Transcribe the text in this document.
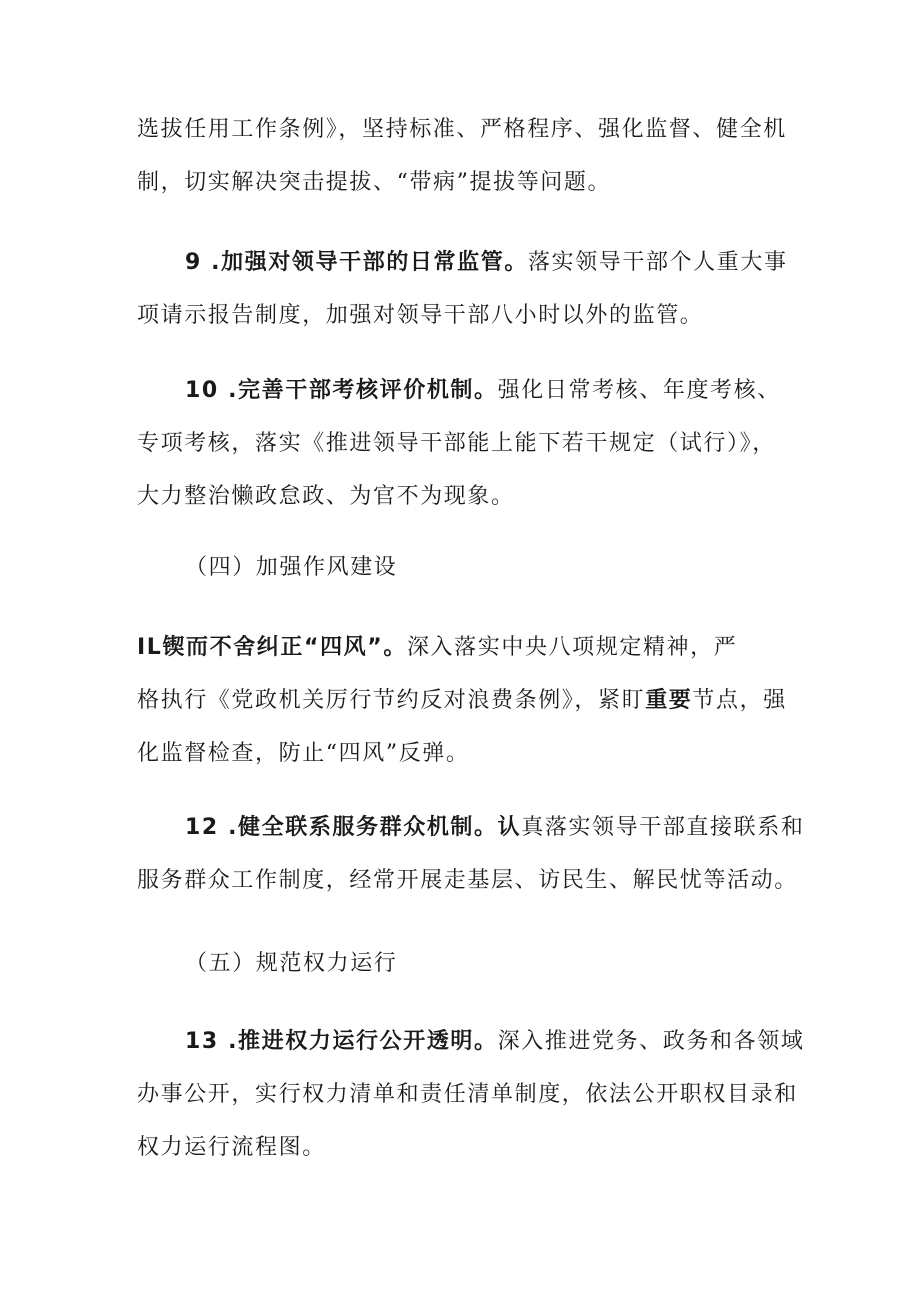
选拔任用工作条例》，坚持标准、严格程序、强化监督、健全机
制，切实解决突击提拔、“带病”提拔等问题。
9 .加强对领导干部的日常监管。落实领导干部个人重大事
项请示报告制度，加强对领导干部八小时以外的监管。
10 .完善干部考核评价机制。强化日常考核、年度考核、
专项考核，落实《推进领导干部能上能下若干规定（试行）》，
大力整治懒政怠政、为官不为现象。
（四）加强作风建设
IL锲而不舍纠正“四风”。深入落实中央八项规定精神，严
格执行《党政机关厉行节约反对浪费条例》，紧盯重要节点，强
化监督检查，防止“四风”反弹。
12 .健全联系服务群众机制。认真落实领导干部直接联系和
服务群众工作制度，经常开展走基层、访民生、解民忧等活动。
（五）规范权力运行
13 .推进权力运行公开透明。深入推进党务、政务和各领域
办事公开，实行权力清单和责任清单制度，依法公开职权目录和
权力运行流程图。
